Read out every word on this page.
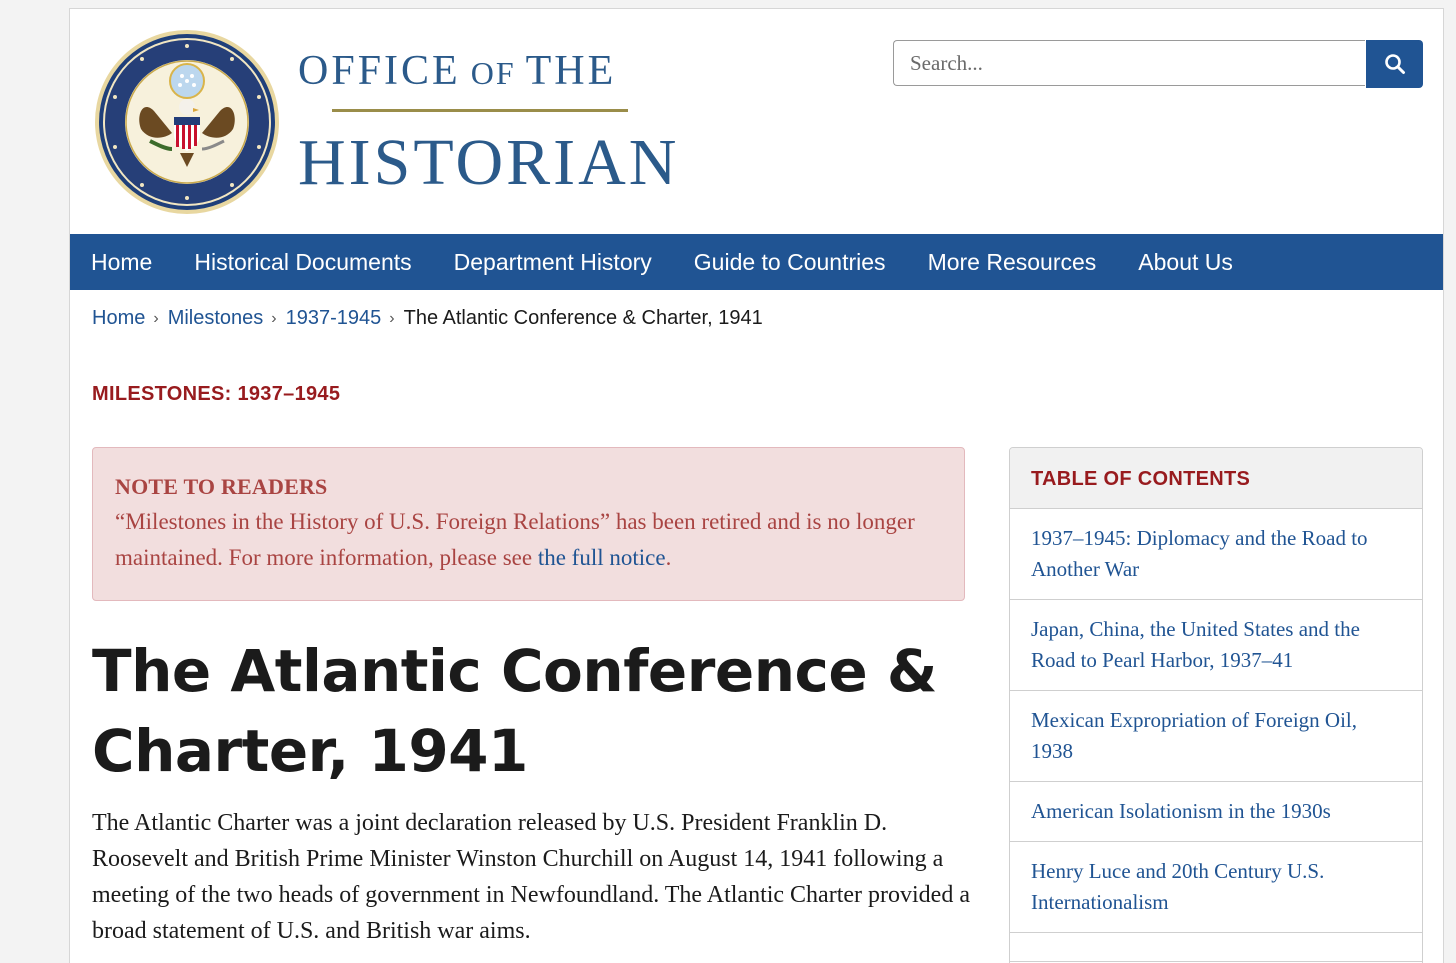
OFFICE OF THE
HISTORIAN
Search...
Home	Historical Documents	Department History	Guide to Countries	More Resources	About Us
Home › Milestones › 1937-1945 › The Atlantic Conference & Charter, 1941
MILESTONES: 1937–1945
NOTE TO READERS
“Milestones in the History of U.S. Foreign Relations” has been retired and is no longer maintained. For more information, please see the full notice.
The Atlantic Conference & Charter, 1941
The Atlantic Charter was a joint declaration released by U.S. President Franklin D. Roosevelt and British Prime Minister Winston Churchill on August 14, 1941 following a meeting of the two heads of government in Newfoundland. The Atlantic Charter provided a broad statement of U.S. and British war aims.
TABLE OF CONTENTS
1937–1945: Diplomacy and the Road to Another War
Japan, China, the United States and the Road to Pearl Harbor, 1937–41
Mexican Expropriation of Foreign Oil, 1938
American Isolationism in the 1930s
Henry Luce and 20th Century U.S. Internationalism
